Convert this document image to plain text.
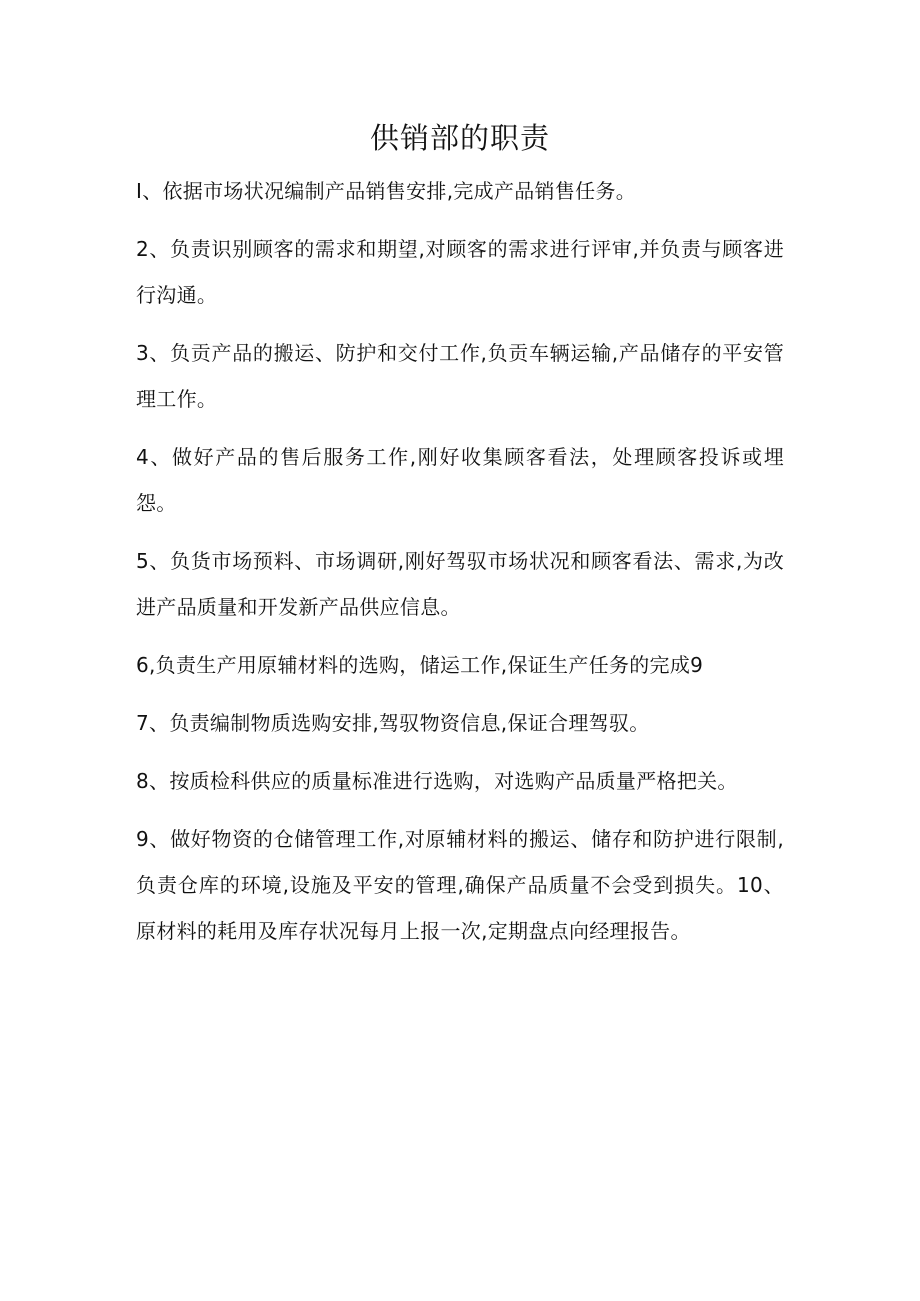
供销部的职责

I、依据市场状况编制产品销售安排,完成产品销售任务。

2、负责识别顾客的需求和期望,对顾客的需求进行评审,并负责与顾客进行沟通。

3、负贡产品的搬运、防护和交付工作,负贡车辆运输,产品储存的平安管理工作。

4、做好产品的售后服务工作,刚好收集顾客看法，处理顾客投诉或埋怨。

5、负货市场预料、市场调研,刚好驾驭市场状况和顾客看法、需求,为改进产品质量和开发新产品供应信息。

6,负责生产用原辅材料的选购，储运工作,保证生产任务的完成9

7、负责编制物质选购安排,驾驭物资信息,保证合理驾驭。

8、按质检科供应的质量标准进行选购，对选购产品质量严格把关。

9、做好物资的仓储管理工作,对原辅材料的搬运、储存和防护进行限制,负责仓库的环境,设施及平安的管理,确保产品质量不会受到损失。10、原材料的耗用及库存状况每月上报一次,定期盘点向经理报告。
